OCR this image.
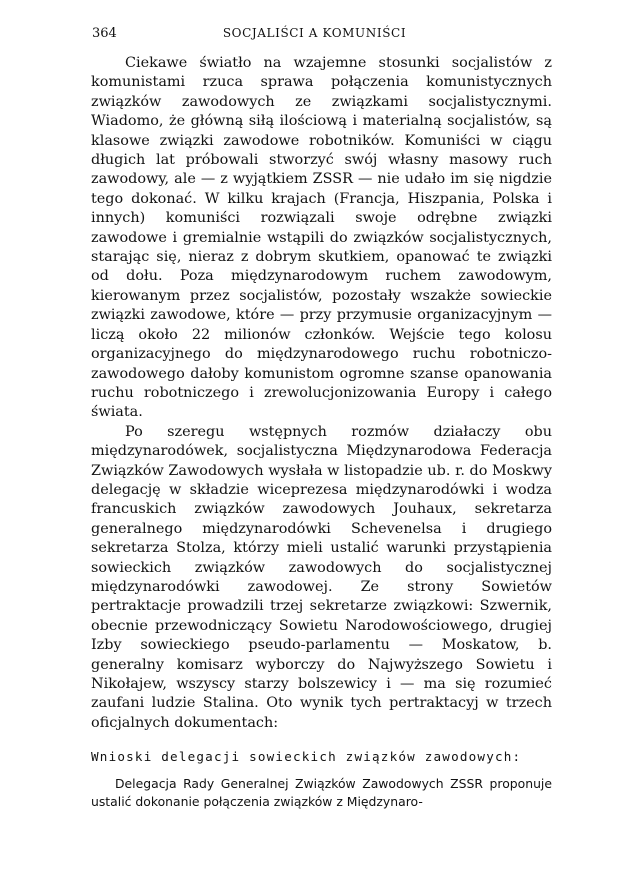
364	SOCJALIŚCI A KOMUNIŚCI

Ciekawe światło na wzajemne stosunki socjalistów z komunistami rzuca sprawa połączenia komunistycznych związków zawodowych ze związkami socjalistycznymi. Wiadomo, że główną siłą ilościową i materialną socjalistów, są klasowe związki zawodowe robotników. Komuniści w ciągu długich lat próbowali stworzyć swój własny masowy ruch zawodowy, ale — z wyjątkiem ZSSR — nie udało im się nigdzie tego dokonać. W kilku krajach (Francja, Hiszpania, Polska i innych) komuniści rozwiązali swoje odrębne związki zawodowe i gremialnie wstąpili do związków socjalistycznych, starając się, nieraz z dobrym skutkiem, opanować te związki od dołu. Poza międzynarodowym ruchem zawodowym, kierowanym przez socjalistów, pozostały wszakże sowieckie związki zawodowe, które — przy przymusie organizacyjnym — liczą około 22 milionów członków. Wejście tego kolosu organizacyjnego do międzynarodowego ruchu robotniczo-zawodowego dałoby komunistom ogromne szanse opanowania ruchu robotniczego i zrewolucjonizowania Europy i całego świata.

Po szeregu wstępnych rozmów działaczy obu międzynarodówek, socjalistyczna Międzynarodowa Federacja Związków Zawodowych wysłała w listopadzie ub. r. do Moskwy delegację w składzie wiceprezesa międzynarodówki i wodza francuskich związków zawodowych Jouhaux, sekretarza generalnego międzynarodówki Schevenelsa i drugiego sekretarza Stolza, którzy mieli ustalić warunki przystąpienia sowieckich związków zawodowych do socjalistycznej międzynarodówki zawodowej. Ze strony Sowietów pertraktacje prowadzili trzej sekretarze związkowi: Szwernik, obecnie przewodniczący Sowietu Narodowościowego, drugiej Izby sowieckiego pseudo-parlamentu — Moskatow, b. generalny komisarz wyborczy do Najwyższego Sowietu i Nikołajew, wszyscy starzy bolszewicy i — ma się rozumieć zaufani ludzie Stalina. Oto wynik tych pertraktacyj w trzech oficjalnych dokumentach:

Wnioski delegacji sowieckich związków zawodowych:

Delegacja Rady Generalnej Związków Zawodowych ZSSR proponuje ustalić dokonanie połączenia związków z Międzynaro-
